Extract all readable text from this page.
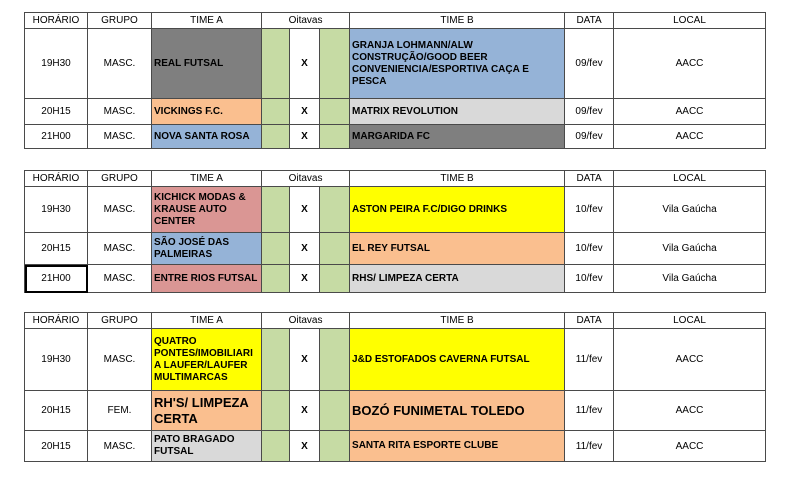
HORÁRIO	GRUPO	TIME A	Oitavas			TIME B	DATA	LOCAL
19H30	MASC.	REAL FUTSAL		X		GRANJA LOHMANN/ALW CONSTRUÇÃO/GOOD BEER CONVENIENCIA/ESPORTIVA CAÇA E PESCA	09/fev	AACC
20H15	MASC.	VICKINGS F.C.		X		MATRIX REVOLUTION	09/fev	AACC
21H00	MASC.	NOVA SANTA ROSA		X		MARGARIDA FC	09/fev	AACC
HORÁRIO	GRUPO	TIME A	Oitavas			TIME B	DATA	LOCAL
19H30	MASC.	KICHICK MODAS & KRAUSE AUTO CENTER		X		ASTON PEIRA F.C/DIGO DRINKS	10/fev	Vila Gaúcha
20H15	MASC.	SÃO JOSÉ DAS PALMEIRAS		X		EL REY FUTSAL	10/fev	Vila Gaúcha
21H00	MASC.	ENTRE RIOS FUTSAL		X		RHS/ LIMPEZA CERTA	10/fev	Vila Gaúcha
HORÁRIO	GRUPO	TIME A	Oitavas			TIME B	DATA	LOCAL
19H30	MASC.	QUATRO PONTES/IMOBILIARI A LAUFER/LAUFER MULTIMARCAS		X		J&D ESTOFADOS CAVERNA FUTSAL	11/fev	AACC
20H15	FEM.	RH'S/ LIMPEZA CERTA		X		BOZÓ FUNIMETAL TOLEDO	11/fev	AACC
20H15	MASC.	PATO BRAGADO FUTSAL		X		SANTA RITA ESPORTE CLUBE	11/fev	AACC
